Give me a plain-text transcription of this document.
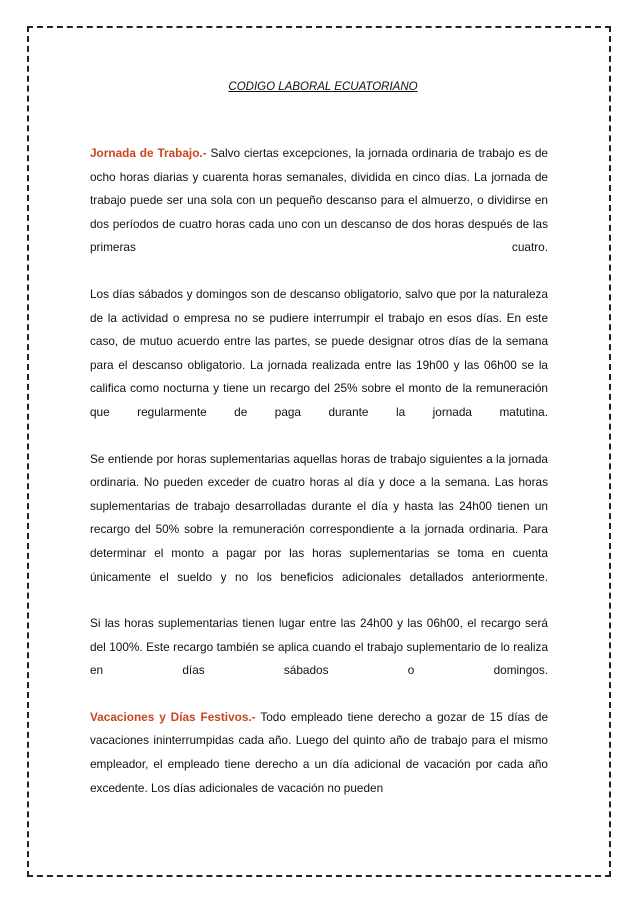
CODIGO LABORAL ECUATORIANO

Jornada de Trabajo.- Salvo ciertas excepciones, la jornada ordinaria de trabajo es de ocho horas diarias y cuarenta horas semanales, dividida en cinco días. La jornada de trabajo puede ser una sola con un pequeño descanso para el almuerzo, o dividirse en dos períodos de cuatro horas cada uno con un descanso de dos horas después de las primeras cuatro.

Los días sábados y domingos son de descanso obligatorio, salvo que por la naturaleza de la actividad o empresa no se pudiere interrumpir el trabajo en esos días. En este caso, de mutuo acuerdo entre las partes, se puede designar otros días de la semana para el descanso obligatorio. La jornada realizada entre las 19h00 y las 06h00 se la califica como nocturna y tiene un recargo del 25% sobre el monto de la remuneración que regularmente de paga durante la jornada matutina.

Se entiende por horas suplementarias aquellas horas de trabajo siguientes a la jornada ordinaria. No pueden exceder de cuatro horas al día y doce a la semana. Las horas suplementarias de trabajo desarrolladas durante el día y hasta las 24h00 tienen un recargo del 50% sobre la remuneración correspondiente a la jornada ordinaria. Para determinar el monto a pagar por las horas suplementarias se toma en cuenta únicamente el sueldo y no los beneficios adicionales detallados anteriormente.

Si las horas suplementarias tienen lugar entre las 24h00 y las 06h00, el recargo será del 100%. Este recargo también se aplica cuando el trabajo suplementario de lo realiza en días sábados o domingos.

Vacaciones y Días Festivos.- Todo empleado tiene derecho a gozar de 15 días de vacaciones ininterrumpidas cada año. Luego del quinto año de trabajo para el mismo empleador, el empleado tiene derecho a un día adicional de vacación por cada año excedente. Los días adicionales de vacación no pueden
